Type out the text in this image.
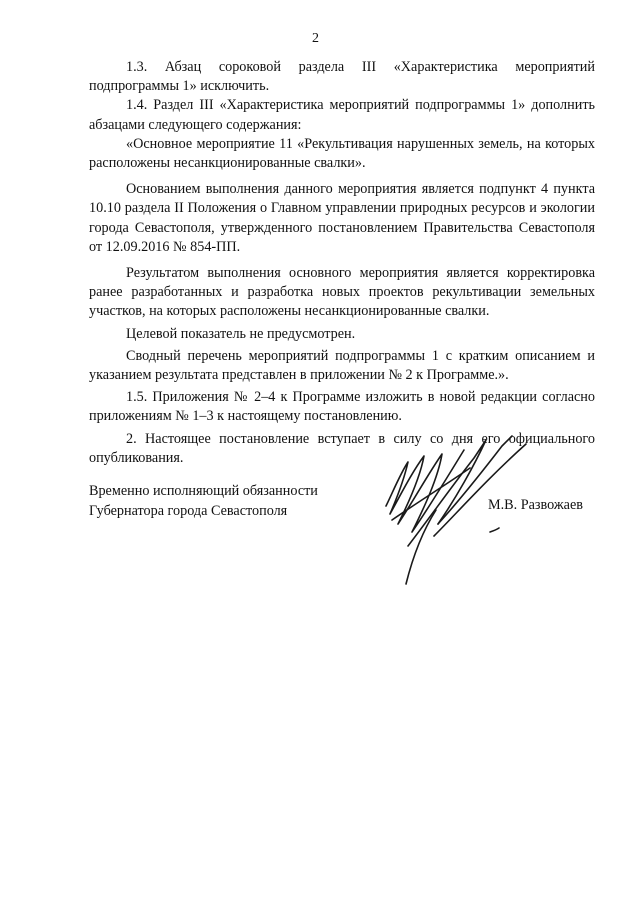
2

1.3. Абзац сороковой раздела III «Характеристика мероприятий подпрограммы 1» исключить.

1.4. Раздел III «Характеристика мероприятий подпрограммы 1» дополнить абзацами следующего содержания:

«Основное мероприятие 11 «Рекультивация нарушенных земель, на которых расположены несанкционированные свалки».

Основанием выполнения данного мероприятия является подпункт 4 пункта 10.10 раздела II Положения о Главном управлении природных ресурсов и экологии города Севастополя, утвержденного постановлением Правительства Севастополя от 12.09.2016 № 854-ПП.

Результатом выполнения основного мероприятия является корректировка ранее разработанных и разработка новых проектов рекультивации земельных участков, на которых расположены несанкционированные свалки.

Целевой показатель не предусмотрен.

Сводный перечень мероприятий подпрограммы 1 с кратким описанием и указанием результата представлен в приложении № 2 к Программе.».

1.5. Приложения № 2–4 к Программе изложить в новой редакции согласно приложениям № 1–3 к настоящему постановлению.

2. Настоящее постановление вступает в силу со дня его официального опубликования.

Временно исполняющий обязанности
Губернатора города Севастополя	М.В. Развожаев
